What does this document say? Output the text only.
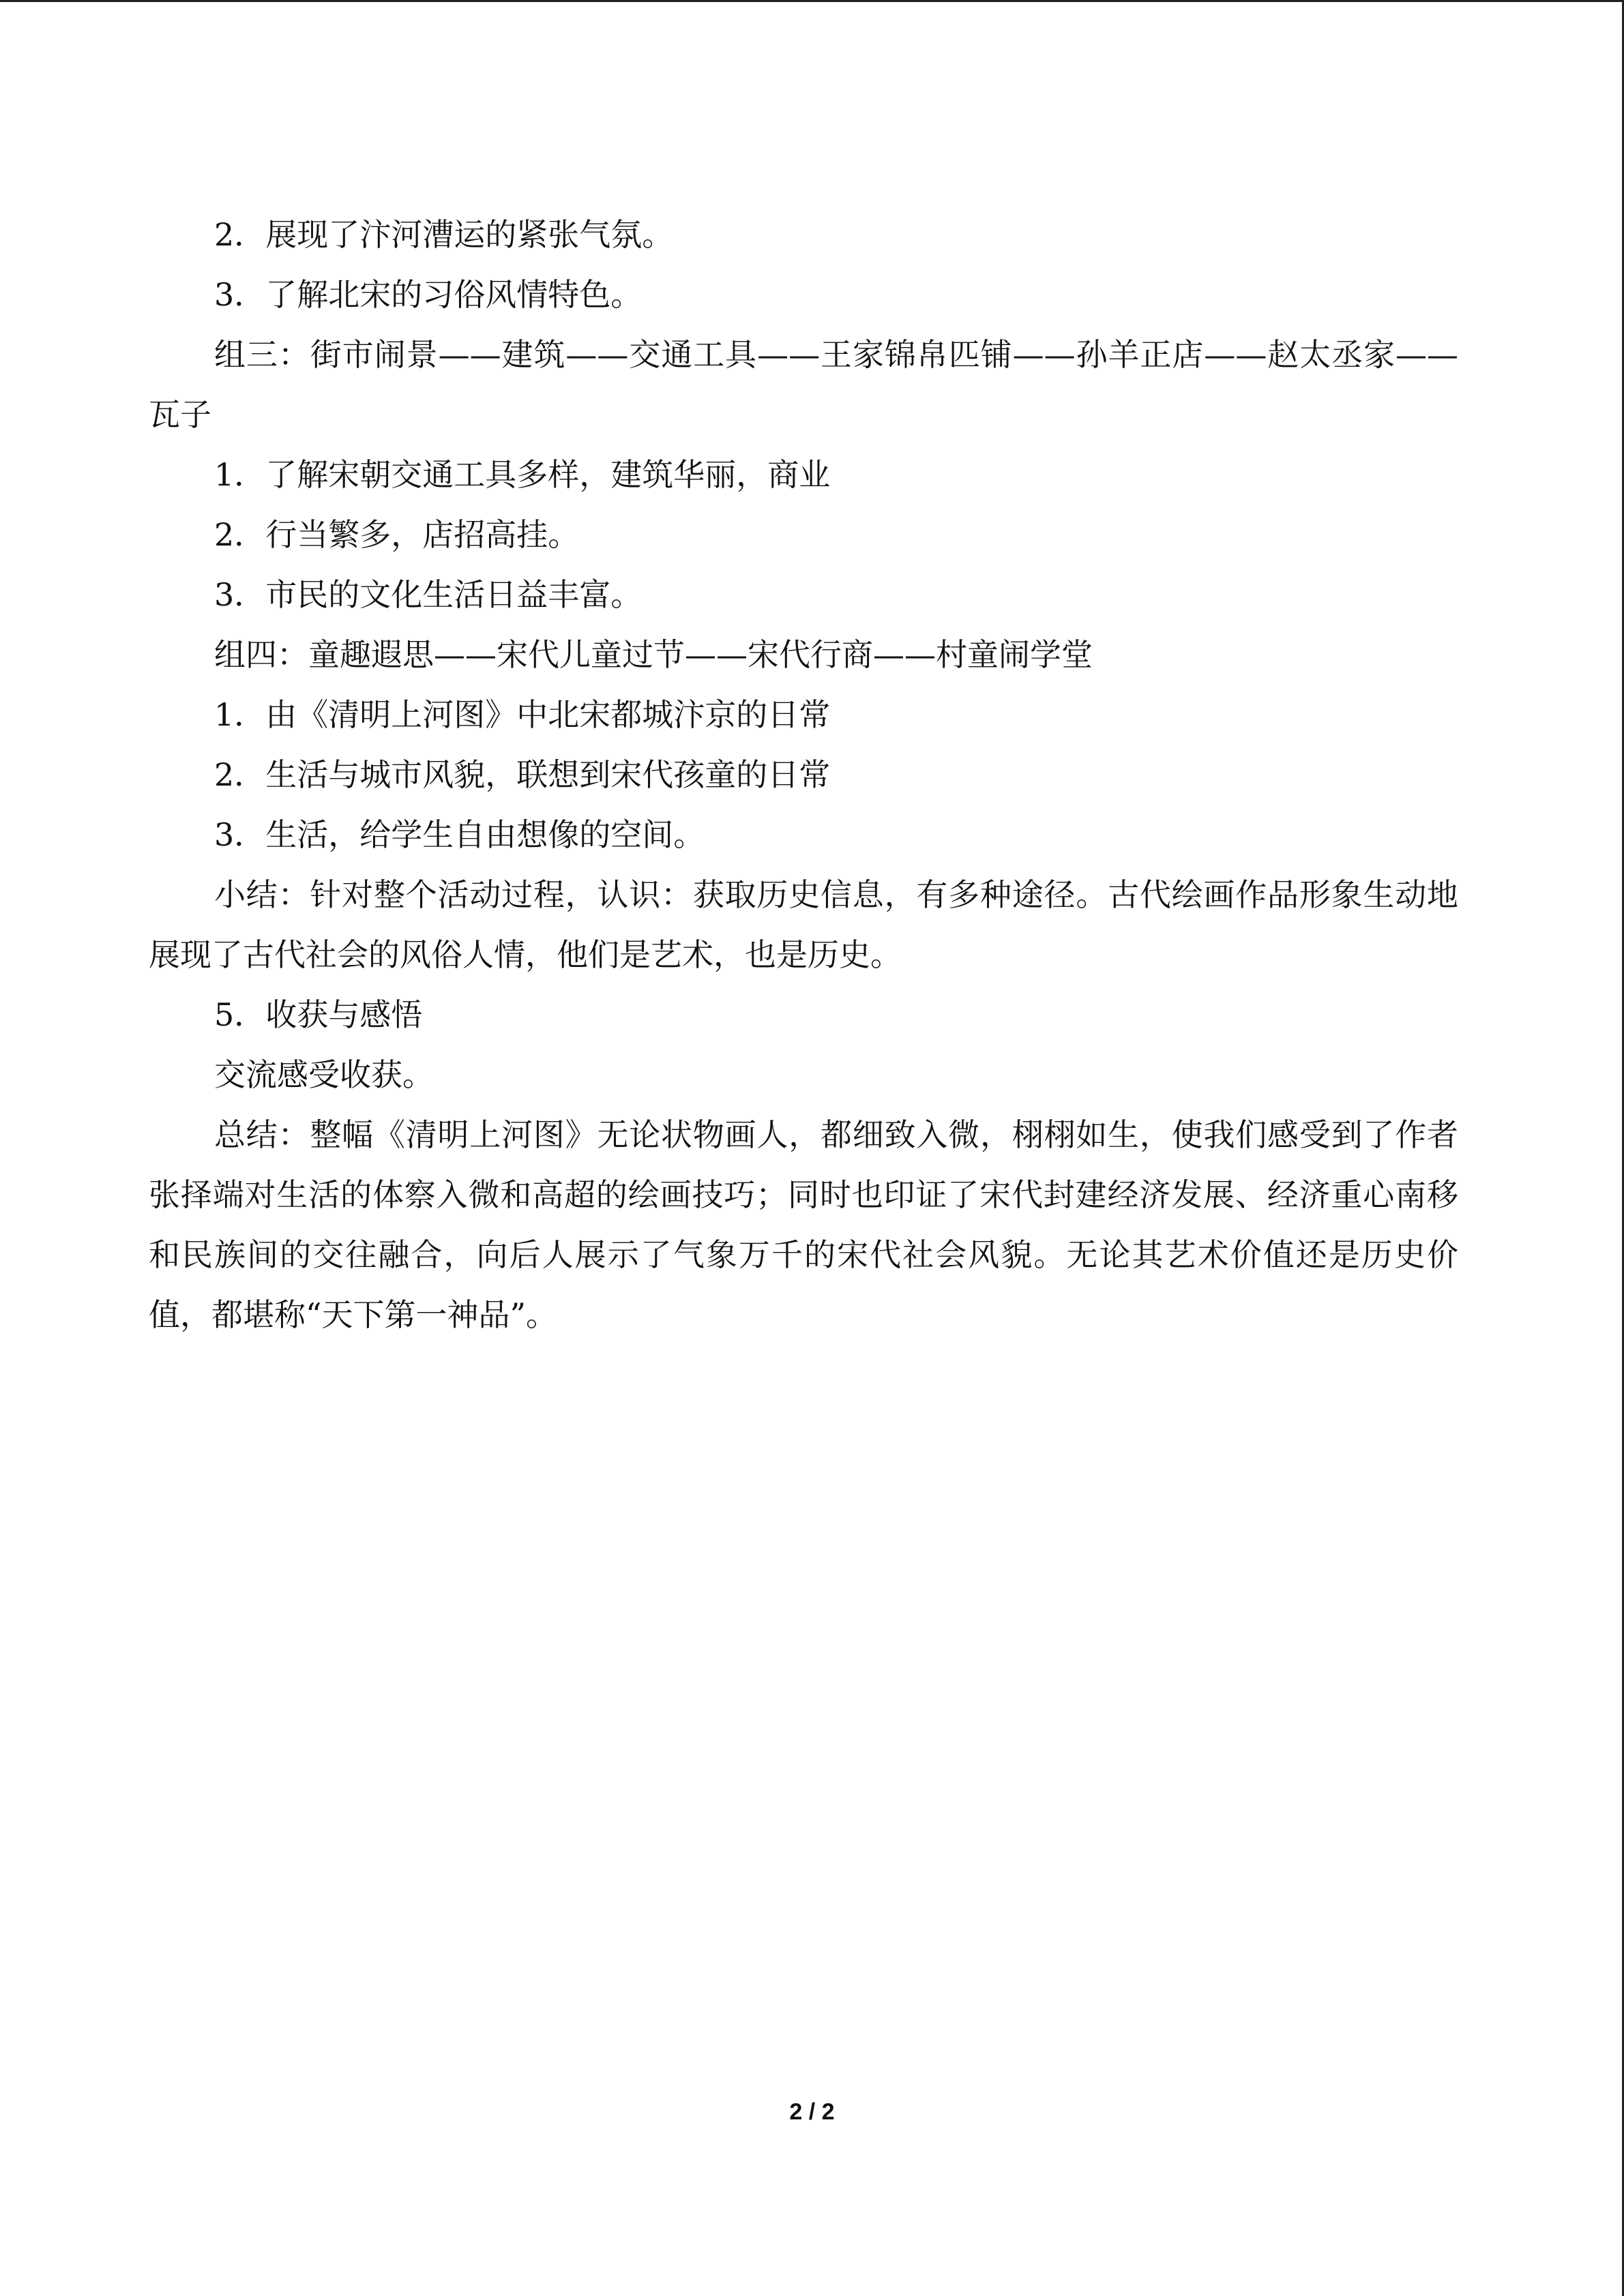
2．展现了汴河漕运的紧张气氛。

3．了解北宋的习俗风情特色。

组三：街市闹景——建筑——交通工具——王家锦帛匹铺——孙羊正店——赵太丞家——瓦子

1．了解宋朝交通工具多样，建筑华丽，商业

2．行当繁多，店招高挂。

3．市民的文化生活日益丰富。

组四：童趣遐思——宋代儿童过节——宋代行商——村童闹学堂

1．由《清明上河图》中北宋都城汴京的日常

2．生活与城市风貌，联想到宋代孩童的日常

3．生活，给学生自由想像的空间。

小结：针对整个活动过程，认识：获取历史信息，有多种途径。古代绘画作品形象生动地展现了古代社会的风俗人情，他们是艺术，也是历史。

5．收获与感悟

交流感受收获。

总结：整幅《清明上河图》无论状物画人，都细致入微，栩栩如生，使我们感受到了作者张择端对生活的体察入微和高超的绘画技巧；同时也印证了宋代封建经济发展、经济重心南移和民族间的交往融合，向后人展示了气象万千的宋代社会风貌。无论其艺术价值还是历史价值，都堪称“天下第一神品”。

2 / 2
